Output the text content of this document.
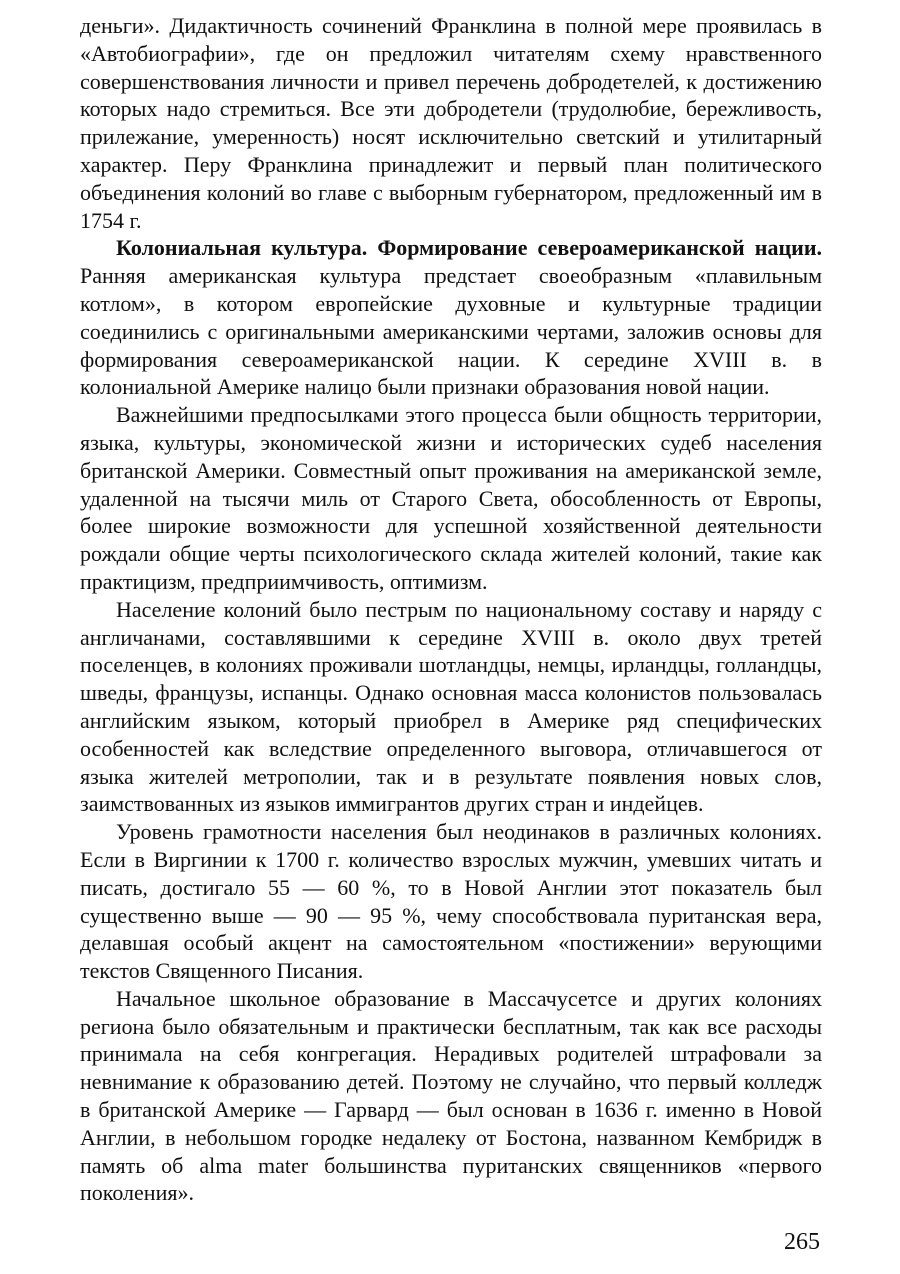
деньги». Дидактичность сочинений Франклина в полной мере проявилась в «Автобиографии», где он предложил читателям схему нравственного совершенствования личности и привел перечень добродетелей, к достижению которых надо стремиться. Все эти добродетели (трудолюбие, бережливость, прилежание, умеренность) носят исключительно светский и утилитарный характер. Перу Франклина принадлежит и первый план политического объединения колоний во главе с выборным губернатором, предложенный им в 1754 г.

Колониальная культура. Формирование североамериканской нации. Ранняя американская культура предстает своеобразным «плавильным котлом», в котором европейские духовные и культурные традиции соединились с оригинальными американскими чертами, заложив основы для формирования североамериканской нации. К середине XVIII в. в колониальной Америке налицо были признаки образования новой нации.

Важнейшими предпосылками этого процесса были общность территории, языка, культуры, экономической жизни и исторических судеб населения британской Америки. Совместный опыт проживания на американской земле, удаленной на тысячи миль от Старого Света, обособленность от Европы, более широкие возможности для успешной хозяйственной деятельности рождали общие черты психологического склада жителей колоний, такие как практицизм, предприимчивость, оптимизм.

Население колоний было пестрым по национальному составу и наряду с англичанами, составлявшими к середине XVIII в. около двух третей поселенцев, в колониях проживали шотландцы, немцы, ирландцы, голландцы, шведы, французы, испанцы. Однако основная масса колонистов пользовалась английским языком, который приобрел в Америке ряд специфических особенностей как вследствие определенного выговора, отличавшегося от языка жителей метрополии, так и в результате появления новых слов, заимствованных из языков иммигрантов других стран и индейцев.

Уровень грамотности населения был неодинаков в различных колониях. Если в Виргинии к 1700 г. количество взрослых мужчин, умевших читать и писать, достигало 55 — 60 %, то в Новой Англии этот показатель был существенно выше — 90 — 95 %, чему способствовала пуританская вера, делавшая особый акцент на самостоятельном «постижении» верующими текстов Священного Писания.

Начальное школьное образование в Массачусетсе и других колониях региона было обязательным и практически бесплатным, так как все расходы принимала на себя конгрегация. Нерадивых родителей штрафовали за невнимание к образованию детей. Поэтому не случайно, что первый колледж в британской Америке — Гарвард — был основан в 1636 г. именно в Новой Англии, в небольшом городке недалеку от Бостона, названном Кембридж в память об alma mater большинства пуританских священников «первого поколения».

265
